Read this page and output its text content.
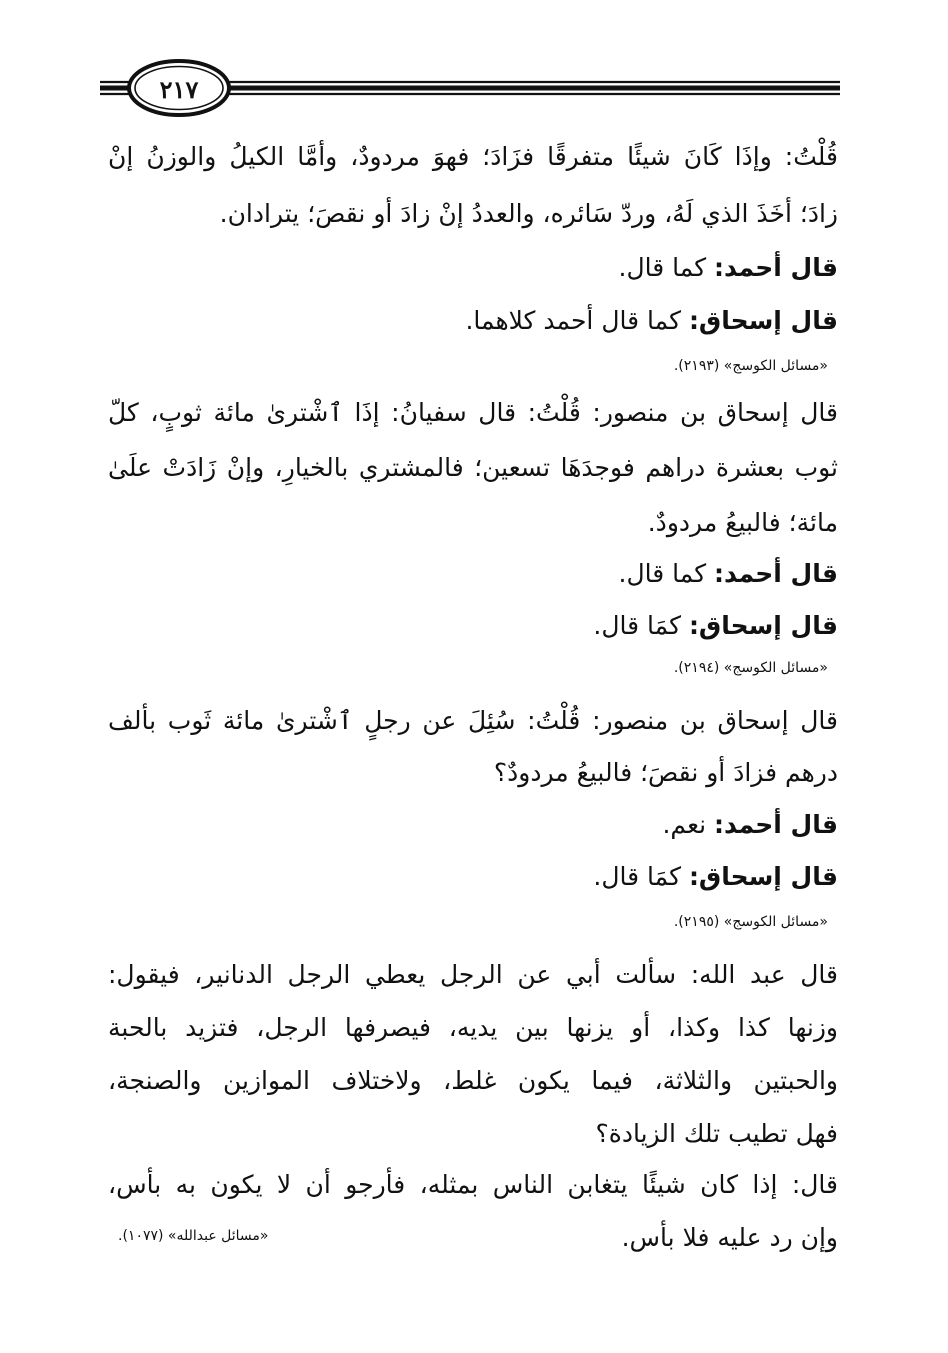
٢١٧
قُلْتُ: وإذَا كَانَ شيئًا متفرقًا فزَادَ؛ فهوَ مردودٌ، وأمَّا الكيلُ والوزنُ إنْ
زادَ؛ أخَذَ الذي لَهُ، وردّ سَائره، والعددُ إنْ زادَ أو نقصَ؛ يترادان.
قال أحمد: كما قال.
قال إسحاق: كما قال أحمد كلاهما.
«مسائل الكوسج» (٢١٩٣).
قال إسحاق بن منصور: قُلْتُ: قال سفيانُ: إذَا ٱشْترىٰ مائة ثوبٍ، كلّ
ثوب بعشرة دراهم فوجدَهَا تسعين؛ فالمشتري بالخيارِ، وإنْ زَادَتْ علَىٰ
مائة؛ فالبيعُ مردودٌ.
قال أحمد: كما قال.
قال إسحاق: كمَا قال.
«مسائل الكوسج» (٢١٩٤).
قال إسحاق بن منصور: قُلْتُ: سُئِلَ عن رجلٍ ٱشْترىٰ مائة ثَوب بألف
درهم فزادَ أو نقصَ؛ فالبيعُ مردودٌ؟
قال أحمد: نعم.
قال إسحاق: كمَا قال.
«مسائل الكوسج» (٢١٩٥).
قال عبد الله: سألت أبي عن الرجل يعطي الرجل الدنانير، فيقول:
وزنها كذا وكذا، أو يزنها بين يديه، فيصرفها الرجل، فتزيد بالحبة
والحبتين والثلاثة، فيما يكون غلط، ولاختلاف الموازين والصنجة،
فهل تطيب تلك الزيادة؟
قال: إذا كان شيئًا يتغابن الناس بمثله، فأرجو أن لا يكون به بأس،
وإن رد عليه فلا بأس.
«مسائل عبدالله» (١٠٧٧).
